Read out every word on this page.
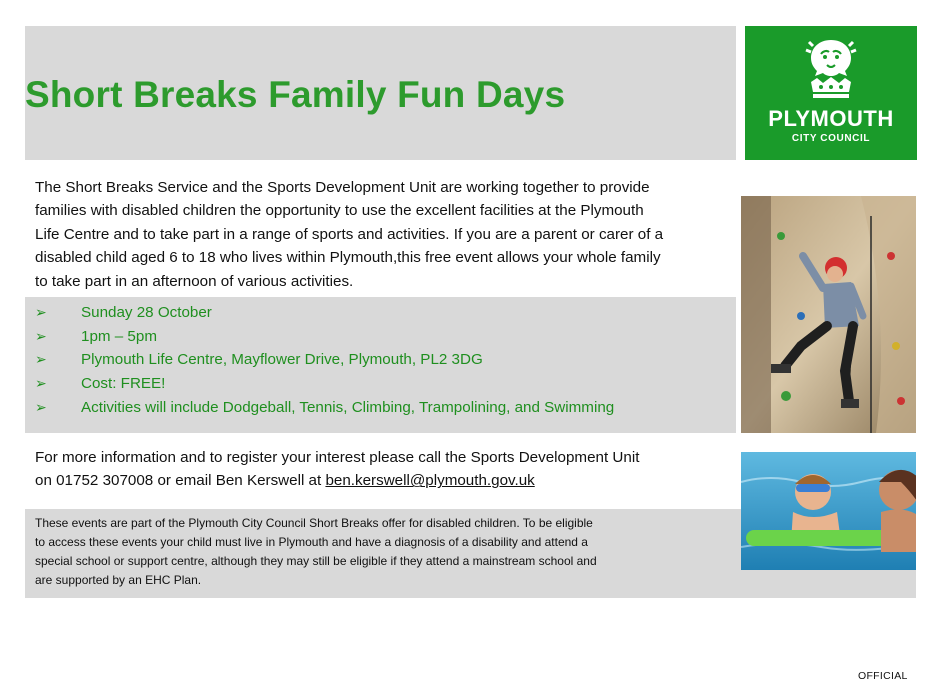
Short Breaks Family Fun Days
PLYMOUTH
CITY COUNCIL
The Short Breaks Service and the Sports Development Unit are working together to provide
families with disabled children the opportunity to use the excellent facilities at the Plymouth
Life Centre and to take part in a range of sports and activities. If you are a parent or carer of a
disabled child aged 6 to 18 who lives within Plymouth,this free event allows your whole family
to take part in an afternoon of various activities.
➢ Sunday 28 October
➢ 1pm – 5pm
➢ Plymouth Life Centre, Mayflower Drive, Plymouth, PL2 3DG
➢ Cost: FREE!
➢ Activities will include Dodgeball, Tennis, Climbing, Trampolining, and Swimming
For more information and to register your interest please call the Sports Development Unit
on 01752 307008 or email Ben Kerswell at ben.kerswell@plymouth.gov.uk
These events are part of the Plymouth City Council Short Breaks offer for disabled children. To be eligible
to access these events your child must live in Plymouth and have a diagnosis of a disability and attend a
special school or support centre, although they may still be eligible if they attend a mainstream school and
are supported by an EHC Plan.
OFFICIAL
